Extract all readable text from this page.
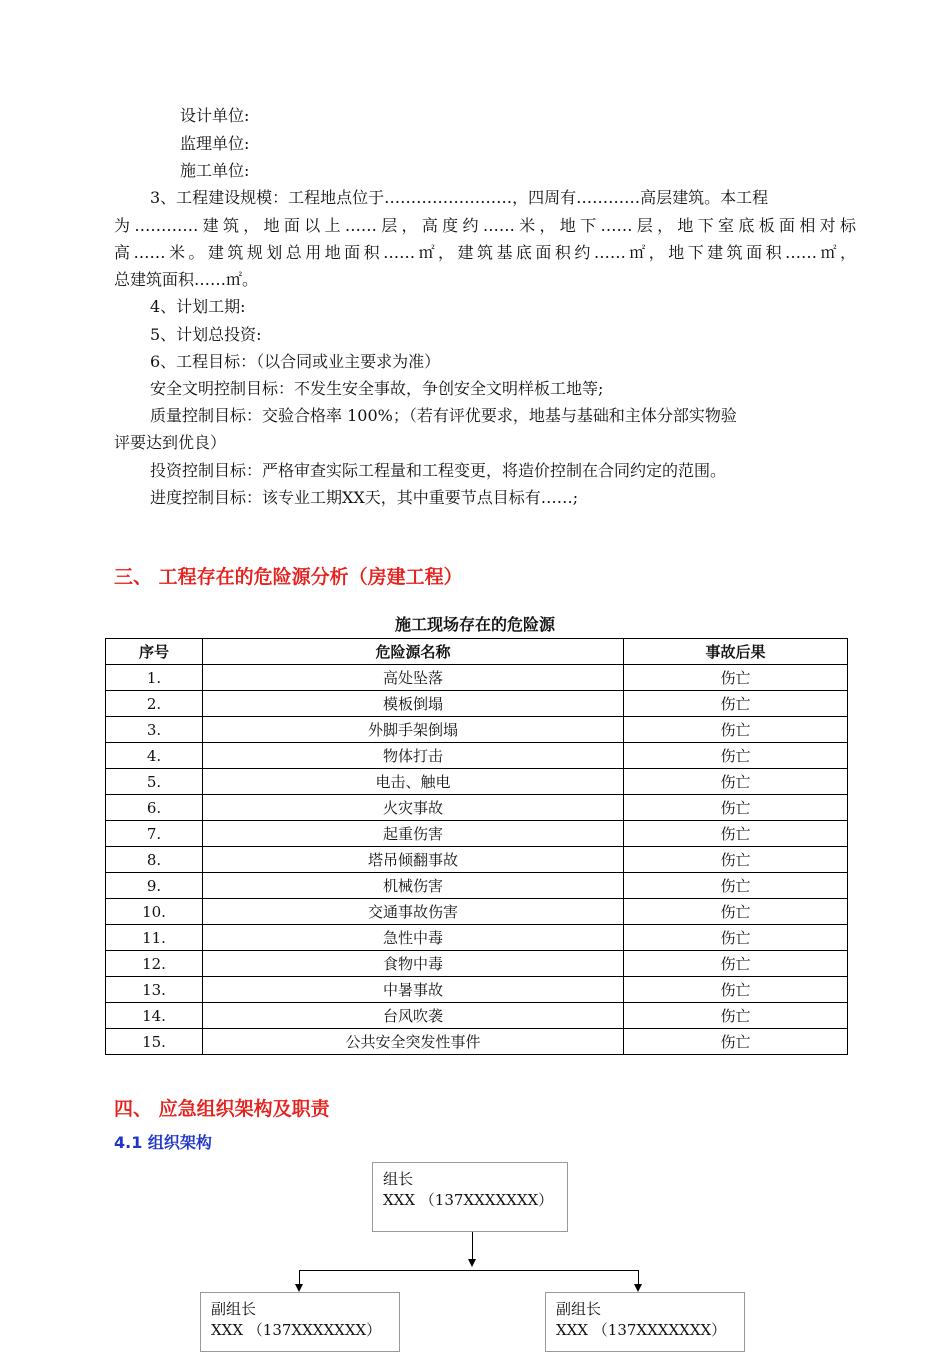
设计单位:
监理单位:
施工单位:
3、工程建设规模：工程地点位于……………………，四周有…………高层建筑。本工程
为…………建筑，地面以上……层，高度约……米，地下……层，地下室底板面相对标
高……米。建筑规划总用地面积……㎡，建筑基底面积约……㎡，地下建筑面积……㎡，
总建筑面积……㎡。
4、计划工期:
5、计划总投资:
6、工程目标：（以合同或业主要求为准）
安全文明控制目标：不发生安全事故，争创安全文明样板工地等;
质量控制目标：交验合格率 100%；（若有评优要求，地基与基础和主体分部实物验
评要达到优良）
投资控制目标：严格审查实际工程量和工程变更，将造价控制在合同约定的范围。
进度控制目标：该专业工期XX天，其中重要节点目标有……;
三、 工程存在的危险源分析（房建工程）
施工现场存在的危险源
序号	危险源名称	事故后果
1.	高处坠落	伤亡
2.	模板倒塌	伤亡
3.	外脚手架倒塌	伤亡
4.	物体打击	伤亡
5.	电击、触电	伤亡
6.	火灾事故	伤亡
7.	起重伤害	伤亡
8.	塔吊倾翻事故	伤亡
9.	机械伤害	伤亡
10.	交通事故伤害	伤亡
11.	急性中毒	伤亡
12.	食物中毒	伤亡
13.	中暑事故	伤亡
14.	台风吹袭	伤亡
15.	公共安全突发性事件	伤亡
四、 应急组织架构及职责
4.1 组织架构
组长
XXX （137XXXXXXX）
副组长
XXX （137XXXXXXX）
副组长
XXX （137XXXXXXX）
